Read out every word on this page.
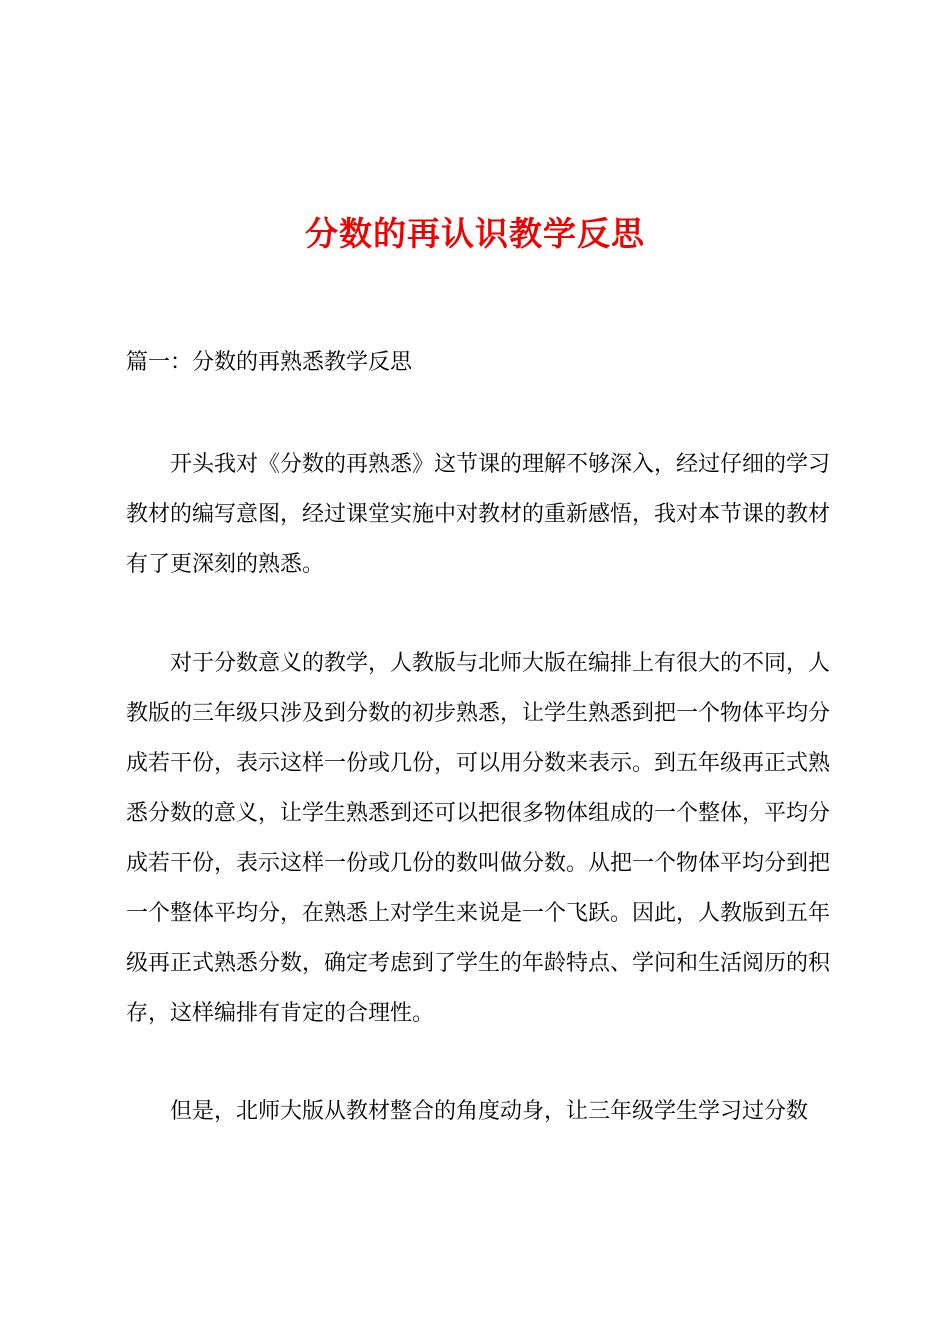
分数的再认识教学反思

篇一：分数的再熟悉教学反思

开头我对《分数的再熟悉》这节课的理解不够深入，经过仔细的学习教材的编写意图，经过课堂实施中对教材的重新感悟，我对本节课的教材有了更深刻的熟悉。

对于分数意义的教学，人教版与北师大版在编排上有很大的不同，人教版的三年级只涉及到分数的初步熟悉，让学生熟悉到把一个物体平均分成若干份，表示这样一份或几份，可以用分数来表示。到五年级再正式熟悉分数的意义，让学生熟悉到还可以把很多物体组成的一个整体，平均分成若干份，表示这样一份或几份的数叫做分数。从把一个物体平均分到把一个整体平均分，在熟悉上对学生来说是一个飞跃。因此，人教版到五年级再正式熟悉分数，确定考虑到了学生的年龄特点、学问和生活阅历的积存，这样编排有肯定的合理性。

但是，北师大版从教材整合的角度动身，让三年级学生学习过分数
